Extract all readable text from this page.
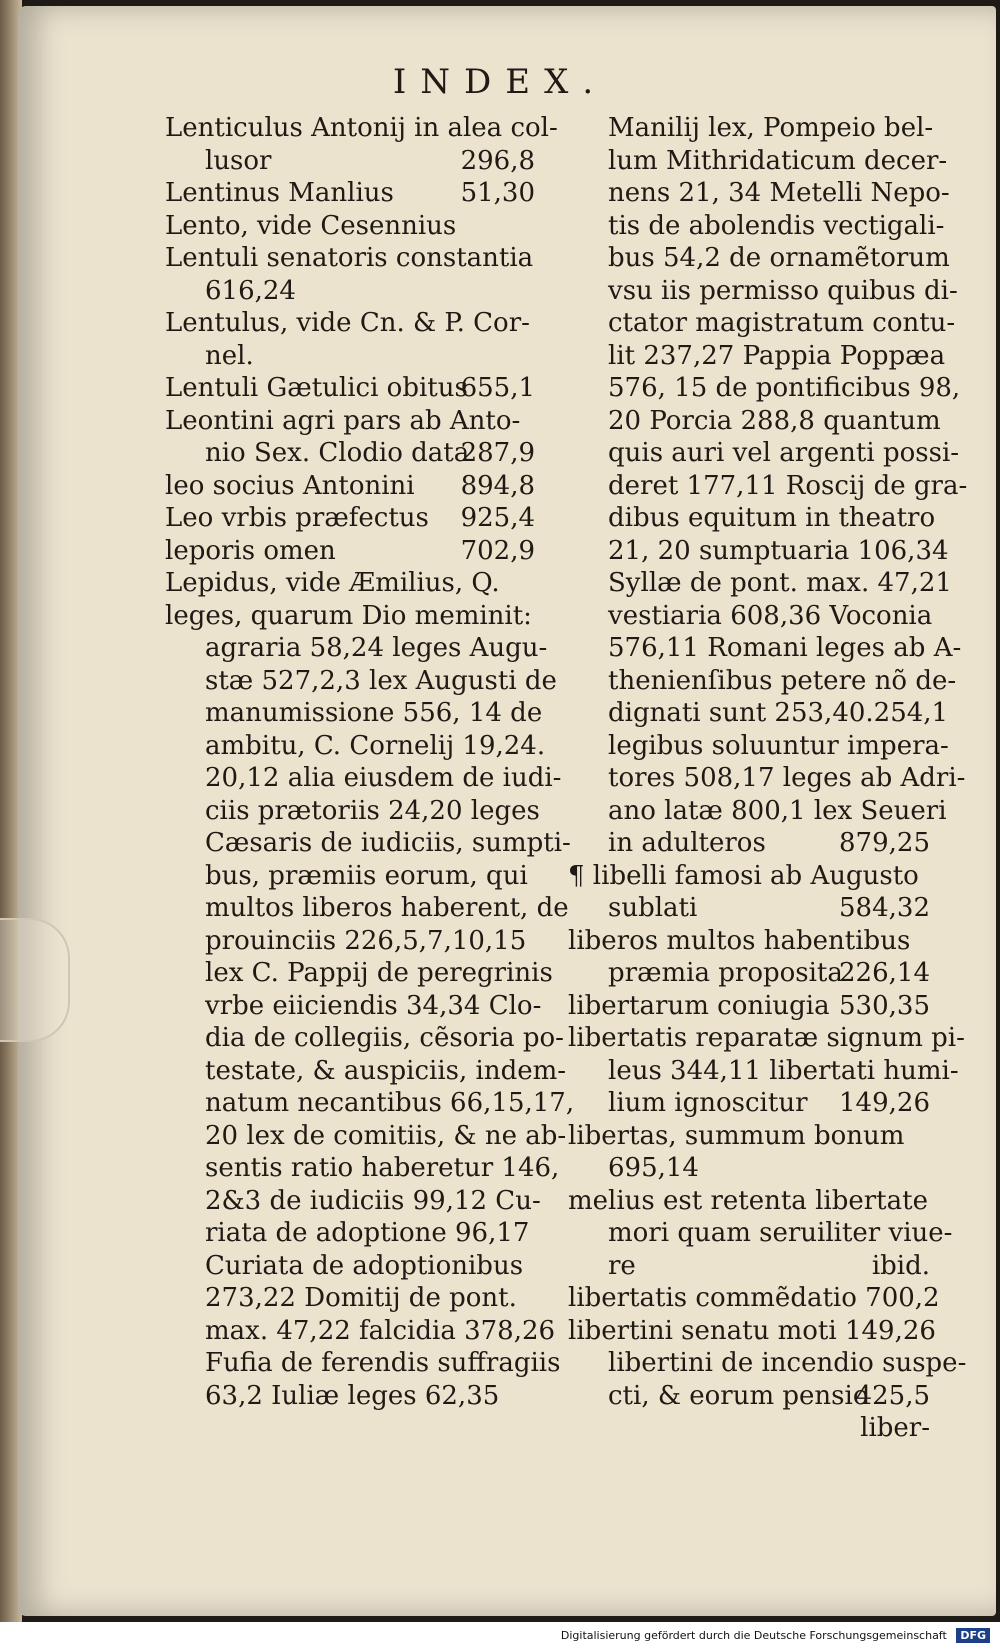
INDEX.
Lenticulus Antonij in alea col-
lusor	296,8
Lentinus Manlius	51,30
Lento, vide Cesennius
Lentuli senatoris constantia
616,24
Lentulus, vide Cn. & P. Cor-
nel.
Lentuli Gætulici obitus
655,1
Leontini agri pars ab Anto-
nio Sex. Clodio data
287,9
leo socius Antonini 894,8
Leo vrbis præfectus 925,4
leporis omen	702,9
Lepidus, vide Æmilius, Q.
leges, quarum Dio meminit:
agraria 58,24 leges Augu-
stæ 527,2,3 lex Augusti de
manumissione 556, 14 de
ambitu, C. Cornelij 19,24.
20,12 alia eiusdem de iudi-
ciis prætoriis 24,20 leges
Cæsaris de iudiciis, sumpti-
bus, præmiis eorum, qui
multos liberos haberent, de
prouinciis 226,5,7,10,15
lex C. Pappij de peregrinis
vrbe eiiciendis 34,34 Clo-
dia de collegiis, cẽsoria po-
testate, & auspiciis, indem-
natum necantibus 66,15,17,
20 lex de comitiis, & ne ab-
sentis ratio haberetur 146,
2&3 de iudiciis 99,12 Cu-
riata de adoptione 96,17
Curiata de adoptionibus
273,22 Domitij de pont.
max. 47,22 falcidia 378,26
Fufia de ferendis suffragiis
63,2 Iuliæ leges 62,35
Manilij lex, Pompeio bel-
lum Mithridaticum decer-
nens 21, 34 Metelli Nepo-
tis de abolendis vectigali-
bus 54,2 de ornamẽtorum
vsu iis permisso quibus di-
ctator magistratum contu-
lit 237,27 Pappia Poppæa
576, 15 de pontificibus 98,
20 Porcia 288,8 quantum
quis auri vel argenti possi-
deret 177,11 Roscij de gra-
dibus equitum in theatro
21, 20 sumptuaria 106,34
Syllæ de pont. max. 47,21
vestiaria 608,36 Voconia
576,11 Romani leges ab A-
thenienſibus petere nõ de-
dignati sunt 253,40.254,1
legibus soluuntur impera-
tores 508,17 leges ab Adri-
ano latæ 800,1 lex Seueri
in adulteros	879,25
¶ libelli famosi ab Augusto
sublati	584,32
liberos multos habentibus
præmia proposita
226,14
libertarum coniugia 530,35
libertatis reparatæ signum pi-
leus 344,11 libertati humi-
lium ignoscitur 149,26
libertas, summum bonum
695,14
melius est retenta libertate
mori quam seruiliter viue-
re	ibid.
libertatis commẽdatio 700,2
libertini senatu moti 149,26
libertini de incendio suspe-
cti, & eorum pensio
425,5
liber-
Digitalisierung gefördert durch die Deutsche Forschungsgemeinschaft DFG
